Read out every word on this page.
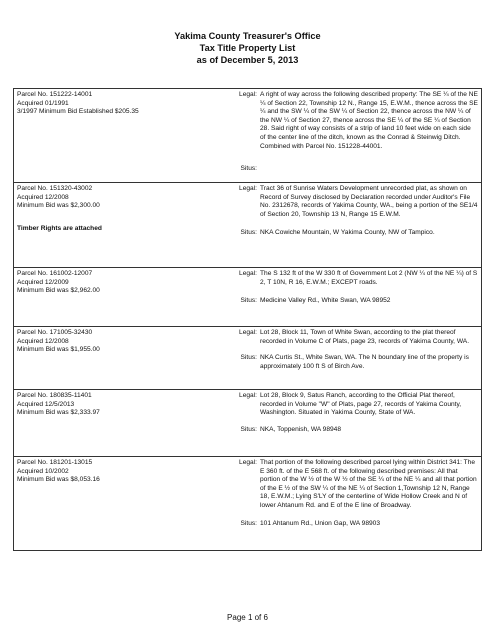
Yakima County Treasurer's Office
Tax Title Property List
as of December 5, 2013
Parcel No. 151222-14001
Acquired 01/1991
3/1997 Minimum Bid Established $205.35
Legal: A right of way across the following described property: The SE ¼ of the NE ¼ of Section 22, Township 12 N., Range 15, E.W.M., thence across the SE ¼ and the SW ¼ of the SW ¼ of Section 22, thence across the NW ¼ of the NW ¼ of Section 27, thence across the SE ¼ of the SE ¼ of Section 28. Said right of way consists of a strip of land 10 feet wide on each side of the center line of the ditch, known as the Conrad & Steinwig Ditch. Combined with Parcel No. 151228-44001.
Situs:
Parcel No. 151320-43002
Acquired 12/2008
Minimum Bid was $2,300.00
Timber Rights are attached
Legal: Tract 36 of Sunrise Waters Development unrecorded plat, as shown on Record of Survey disclosed by Declaration recorded under Auditor's File No. 2312678, records of Yakima County, WA., being a portion of the SE1/4 of Section 20, Township 13 N, Range 15 E.W.M.
Situs: NKA Cowiche Mountain, W Yakima County, NW of Tampico.
Parcel No. 161002-12007
Acquired 12/2009
Minimum Bid was $2,962.00
Legal: The S 132 ft of the W 330 ft of Government Lot 2 (NW ¼ of the NE ¼) of S 2, T 10N, R 16, E.W.M.; EXCEPT roads.
Situs: Medicine Valley Rd., White Swan, WA 98952
Parcel No. 171005-32430
Acquired 12/2008
Minimum Bid was $1,955.00
Legal: Lot 28, Block 11, Town of White Swan, according to the plat thereof recorded in Volume C of Plats, page 23, records of Yakima County, WA.
Situs: NKA Curtis St., White Swan, WA. The N boundary line of the property is approximately 100 ft S of Birch Ave.
Parcel No. 180835-11401
Acquired 12/5/2013
Minimum Bid was $2,333.97
Legal: Lot 28, Block 9, Satus Ranch, according to the Official Plat thereof, recorded in Volume "W" of Plats, page 27, records of Yakima County, Washington. Situated in Yakima County, State of WA.
Situs: NKA, Toppenish, WA 98948
Parcel No. 181201-13015
Acquired 10/2002
Minimum Bid was $8,053.16
Legal: That portion of the following described parcel lying within District 341: The E 360 ft. of the E 568 ft. of the following described premises: All that portion of the W ½ of the W ½ of the SE ¼ of the NE ¼ and all that portion of the E ½ of the SW ¼ of the NE ¼ of Section 1,Township 12 N, Range 18, E.W.M.; Lying S'LY of the centerline of Wide Hollow Creek and N of lower Ahtanum Rd. and E of the E line of Broadway.
Situs: 101 Ahtanum Rd., Union Gap, WA 98903
Page 1 of 6
